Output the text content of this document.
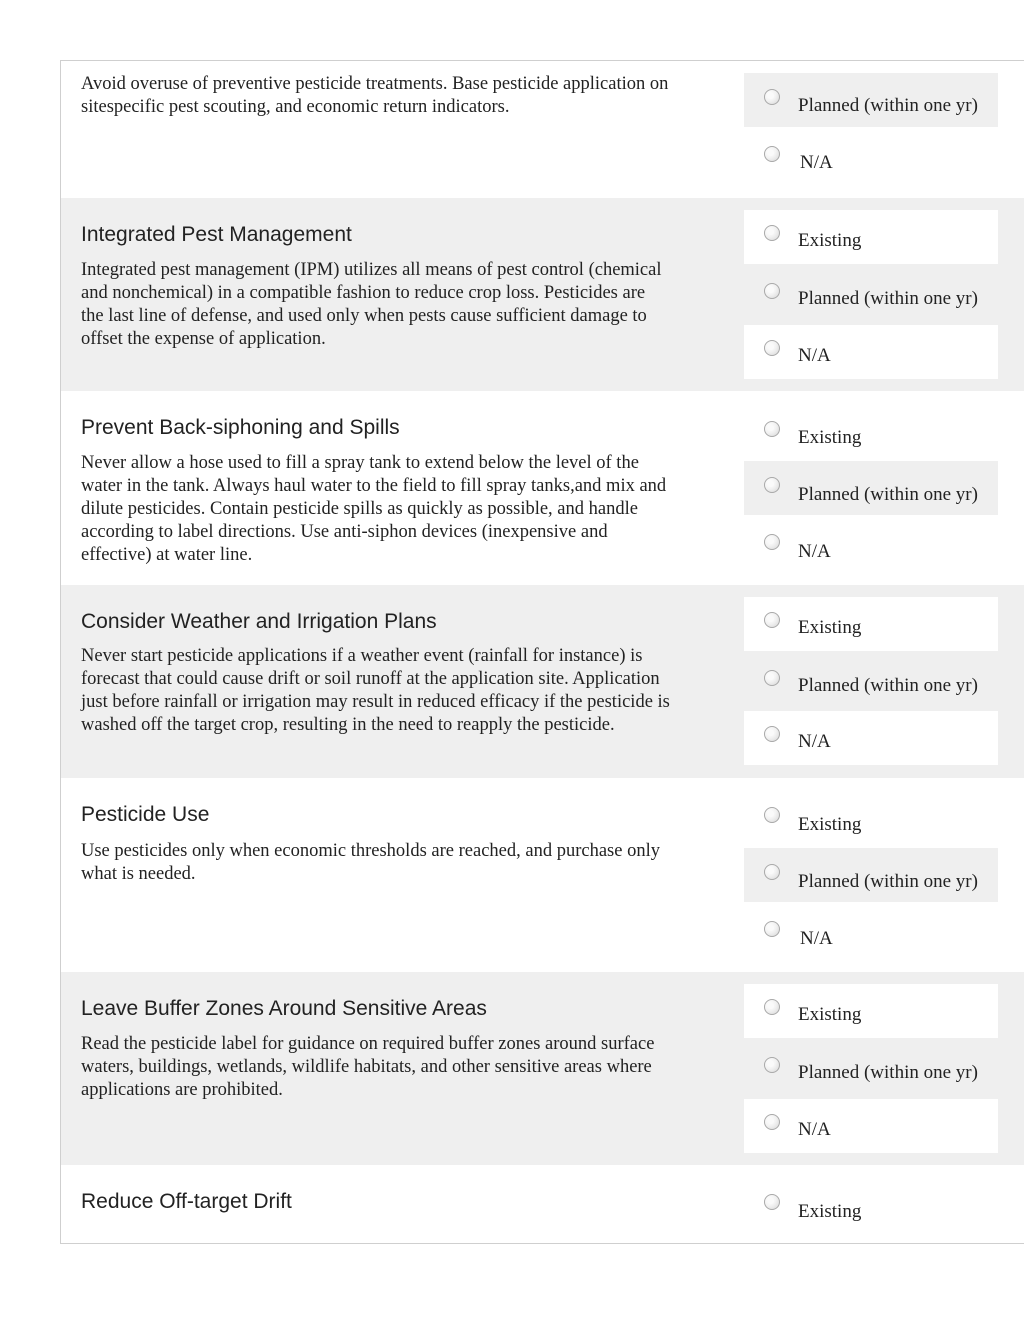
Avoid overuse of preventive pesticide treatments. Base pesticide application on

sitespecific pest scouting, and economic return indicators.	Planned (within one yr)
N/A
Integrated Pest Management

Integrated pest management (IPM) utilizes all means of pest control (chemical

and nonchemical) in a compatible fashion to reduce crop loss. Pesticides are

the last line of defense, and used only when pests cause sufficient damage to

offset the expense of application.

Existing
Planned (within one yr)
N/A
Prevent Back-siphoning and Spills

Never allow a hose used to fill a spray tank to extend below the level of the

water in the tank. Always haul water to the field to fill spray tanks,and mix and

dilute pesticides. Contain pesticide spills as quickly as possible, and handle

according to label directions. Use anti-siphon devices (inexpensive and

effective) at water line.

Existing
Planned (within one yr)
N/A
Consider Weather and Irrigation Plans

Never start pesticide applications if a weather event (rainfall for instance) is

forecast that could cause drift or soil runoff at the application site. Application

just before rainfall or irrigation may result in reduced efficacy if the pesticide is

washed off the target crop, resulting in the need to reapply the pesticide.

Existing
Planned (within one yr)
N/A
Pesticide Use

Use pesticides only when economic thresholds are reached, and purchase only

what is needed.

Existing
Planned (within one yr)
N/A
Leave Buffer Zones Around Sensitive Areas

Read the pesticide label for guidance on required buffer zones around surface

waters, buildings, wetlands, wildlife habitats, and other sensitive areas where

applications are prohibited.

Existing
Planned (within one yr)
N/A
Reduce Off-target Drift	Existing
